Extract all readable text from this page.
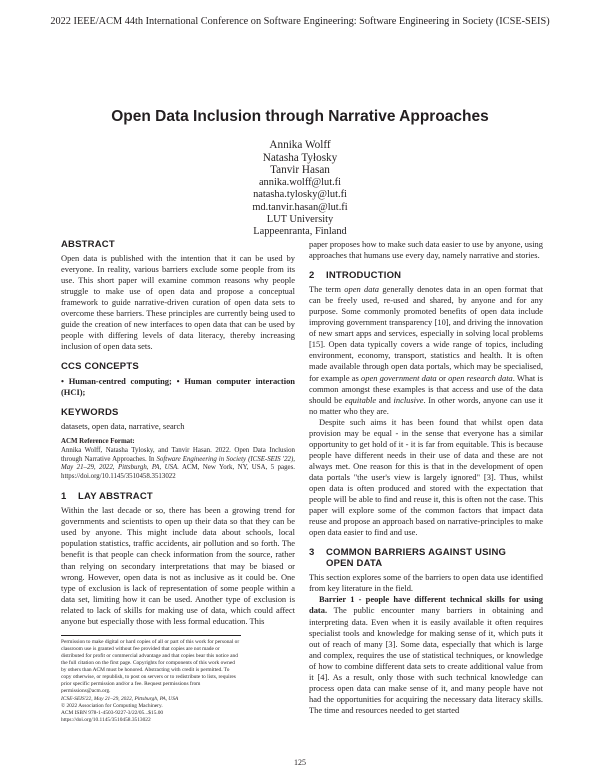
2022 IEEE/ACM 44th International Conference on Software Engineering: Software Engineering in Society (ICSE-SEIS)
Open Data Inclusion through Narrative Approaches
Annika Wolff
Natasha Tyłosky
Tanvir Hasan
annika.wolff@lut.fi
natasha.tylosky@lut.fi
md.tanvir.hasan@lut.fi
LUT University
Lappeenranta, Finland
ABSTRACT

Open data is published with the intention that it can be used by everyone. In reality, various barriers exclude some people from its use. This short paper will examine common reasons why people struggle to make use of open data and propose a conceptual framework to guide narrative-driven curation of open data sets to overcome these barriers. These principles are currently being used to guide the creation of new interfaces to open data that can be used by people with differing levels of data literacy, thereby increasing inclusion of open data sets.

CCS CONCEPTS

• Human-centred computing; • Human computer interaction (HCI);

KEYWORDS

datasets, open data, narrative, search

ACM Reference Format:
Annika Wolff, Natasha Tylosky, and Tanvir Hasan. 2022. Open Data Inclusion through Narrative Approaches. In Software Engineering in Society (ICSE-SEIS '22), May 21–29, 2022, Pittsburgh, PA, USA. ACM, New York, NY, USA, 5 pages. https://doi.org/10.1145/3510458.3513022
1 LAY ABSTRACT

Within the last decade or so, there has been a growing trend for governments and scientists to open up their data so that they can be used by anyone. This might include data about schools, local population statistics, traffic accidents, air pollution and so forth. The benefit is that people can check information from the source, rather than relying on secondary interpretations that may be biased or wrong. However, open data is not as inclusive as it could be. One type of exclusion is lack of representation of some people within a data set, limiting how it can be used. Another type of exclusion is related to lack of skills for making use of data, which could affect anyone but especially those with less formal education. This

Permission to make digital or hard copies of all or part of this work for personal or classroom use is granted without fee provided that copies are not made or distributed for profit or commercial advantage and that copies bear this notice and the full citation on the first page. Copyrights for components of this work owned by others than ACM must be honored. Abstracting with credit is permitted. To copy otherwise, or republish, to post on servers or to redistribute to lists, requires prior specific permission and/or a fee. Request permissions from permissions@acm.org.
ICSE-SEIS'22, May 21–29, 2022, Pittsburgh, PA, USA
© 2022 Association for Computing Machinery.
ACM ISBN 978-1-4503-9227-3/22/05...$15.00
https://doi.org/10.1145/3510458.3513022

paper proposes how to make such data easier to use by anyone, using approaches that humans use every day, namely narrative and stories.

2 INTRODUCTION

The term open data generally denotes data in an open format that can be freely used, re-used and shared, by anyone and for any purpose. Some commonly promoted benefits of open data include improving government transparency [10], and driving the innovation of new smart apps and services, especially in solving local problems [15]. Open data typically covers a wide range of topics, including environment, economy, transport, statistics and health. It is often made available through open data portals, which may be specialised, for example as open government data or open research data. What is common amongst these examples is that access and use of the data should be equitable and inclusive. In other words, anyone can use it no matter who they are.

Despite such aims it has been found that whilst open data provision may be equal - in the sense that everyone has a similar opportunity to get hold of it - it is far from equitable. This is because people have different needs in their use of data and these are not always met. One reason for this is that in the development of open data portals "the user's view is largely ignored" [3]. Thus, whilst open data is often produced and stored with the expectation that people will be able to find and reuse it, this is often not the case. This paper will explore some of the common factors that impact data reuse and propose an approach based on narrative-principles to make open data easier to find and use.

3 COMMON BARRIERS AGAINST USING
OPEN DATA

This section explores some of the barriers to open data use identified from key literature in the field.

Barrier 1 - people have different technical skills for using data. The public encounter many barriers in obtaining and interpreting data. Even when it is easily available it often requires specialist tools and knowledge for making sense of it, which puts it out of reach of many [3]. Some data, especially that which is large and complex, requires the use of statistical techniques, or knowledge of how to combine different data sets to create additional value from it [4]. As a result, only those with such technical knowledge can process open data can make sense of it, and many people have not had the opportunities for acquiring the necessary data literacy skills. The time and resources needed to get started

125
